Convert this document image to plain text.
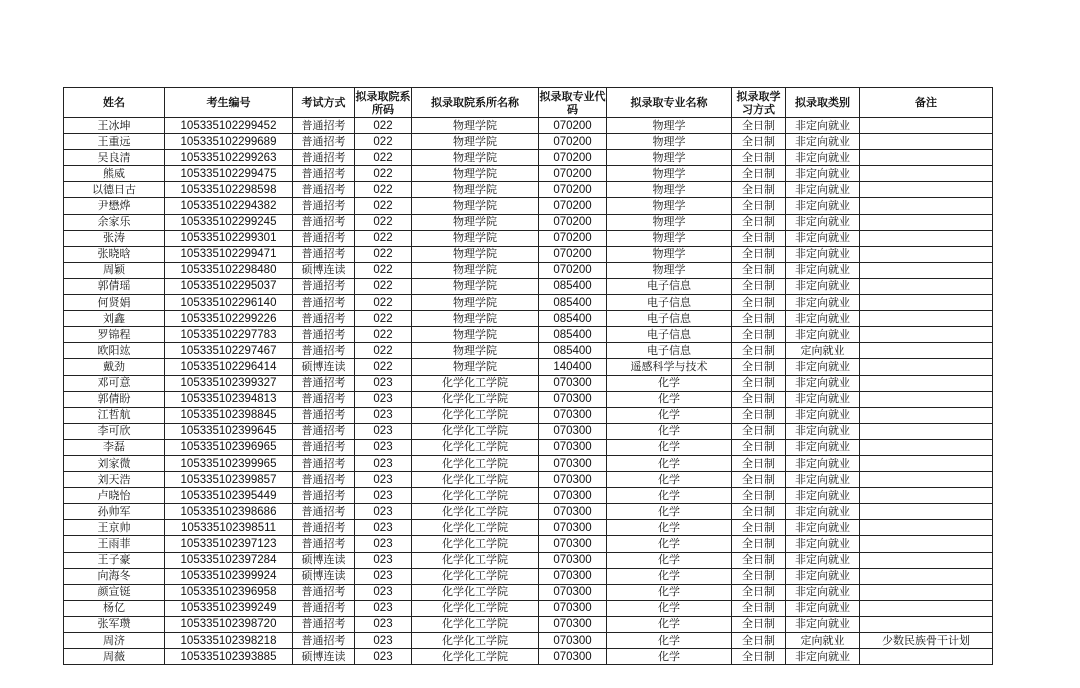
姓名	考生编号	考试方式	拟录取院系所码	拟录取院系所名称	拟录取专业代码	拟录取专业名称	拟录取学习方式	拟录取类别	备注
王冰坤	105335102299452	普通招考	022	物理学院	070200	物理学	全日制	非定向就业	
王重远	105335102299689	普通招考	022	物理学院	070200	物理学	全日制	非定向就业	
吴良清	105335102299263	普通招考	022	物理学院	070200	物理学	全日制	非定向就业	
熊威	105335102299475	普通招考	022	物理学院	070200	物理学	全日制	非定向就业	
以德日古	105335102298598	普通招考	022	物理学院	070200	物理学	全日制	非定向就业	
尹懋烨	105335102294382	普通招考	022	物理学院	070200	物理学	全日制	非定向就业	
余家乐	105335102299245	普通招考	022	物理学院	070200	物理学	全日制	非定向就业	
张涛	105335102299301	普通招考	022	物理学院	070200	物理学	全日制	非定向就业	
张晓晗	105335102299471	普通招考	022	物理学院	070200	物理学	全日制	非定向就业	
周颖	105335102298480	硕博连读	022	物理学院	070200	物理学	全日制	非定向就业	
郭倩瑶	105335102295037	普通招考	022	物理学院	085400	电子信息	全日制	非定向就业	
何贤娟	105335102296140	普通招考	022	物理学院	085400	电子信息	全日制	非定向就业	
刘鑫	105335102299226	普通招考	022	物理学院	085400	电子信息	全日制	非定向就业	
罗锦程	105335102297783	普通招考	022	物理学院	085400	电子信息	全日制	非定向就业	
欧阳竑	105335102297467	普通招考	022	物理学院	085400	电子信息	全日制	定向就业	
戴劲	105335102296414	硕博连读	022	物理学院	140400	遥感科学与技术	全日制	非定向就业	
邓可意	105335102399327	普通招考	023	化学化工学院	070300	化学	全日制	非定向就业	
郭倩盼	105335102394813	普通招考	023	化学化工学院	070300	化学	全日制	非定向就业	
江哲航	105335102398845	普通招考	023	化学化工学院	070300	化学	全日制	非定向就业	
李可欣	105335102399645	普通招考	023	化学化工学院	070300	化学	全日制	非定向就业	
李磊	105335102396965	普通招考	023	化学化工学院	070300	化学	全日制	非定向就业	
刘家微	105335102399965	普通招考	023	化学化工学院	070300	化学	全日制	非定向就业	
刘天浩	105335102399857	普通招考	023	化学化工学院	070300	化学	全日制	非定向就业	
卢晓怡	105335102395449	普通招考	023	化学化工学院	070300	化学	全日制	非定向就业	
孙帅军	105335102398686	普通招考	023	化学化工学院	070300	化学	全日制	非定向就业	
王京帅	105335102398511	普通招考	023	化学化工学院	070300	化学	全日制	非定向就业	
王雨菲	105335102397123	普通招考	023	化学化工学院	070300	化学	全日制	非定向就业	
王子豪	105335102397284	硕博连读	023	化学化工学院	070300	化学	全日制	非定向就业	
向海冬	105335102399924	硕博连读	023	化学化工学院	070300	化学	全日制	非定向就业	
颜宣铤	105335102396958	普通招考	023	化学化工学院	070300	化学	全日制	非定向就业	
杨亿	105335102399249	普通招考	023	化学化工学院	070300	化学	全日制	非定向就业	
张军瓒	105335102398720	普通招考	023	化学化工学院	070300	化学	全日制	非定向就业	
周济	105335102398218	普通招考	023	化学化工学院	070300	化学	全日制	定向就业	少数民族骨干计划
周薇	105335102393885	硕博连读	023	化学化工学院	070300	化学	全日制	非定向就业	
